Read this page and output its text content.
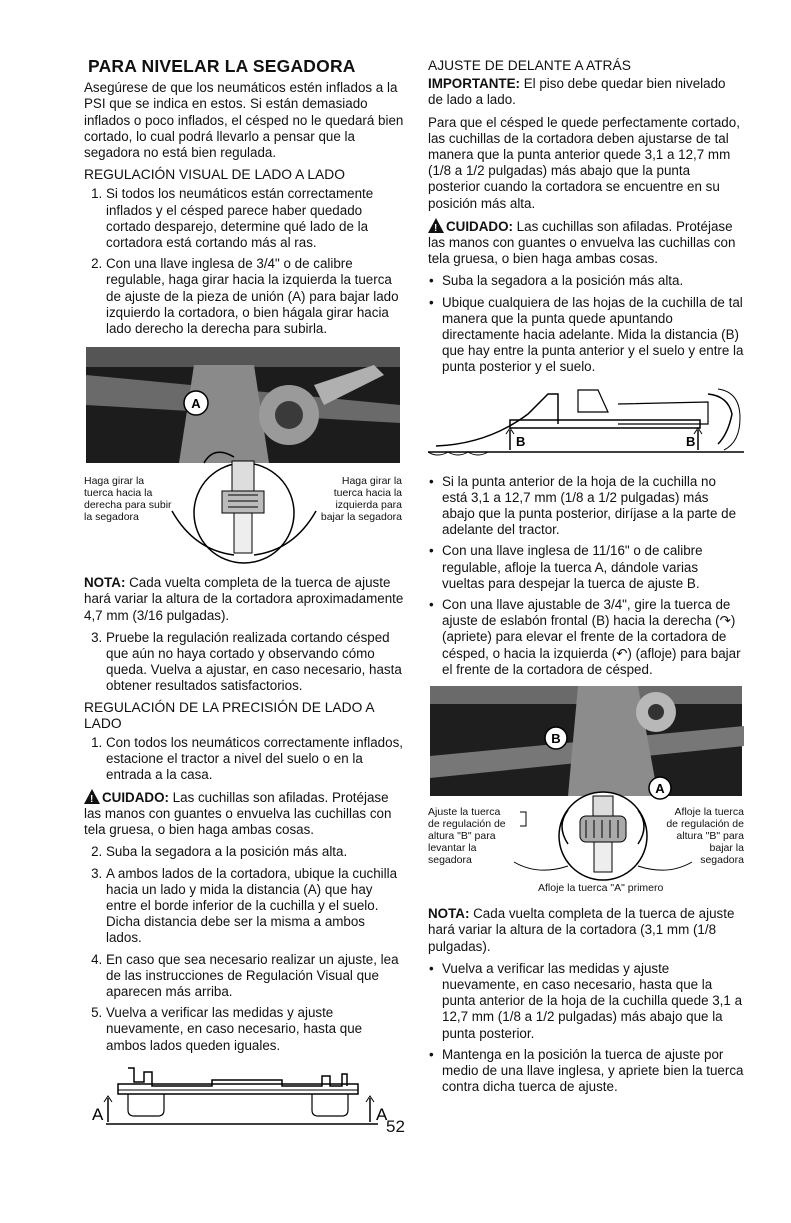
PARA NIVELAR LA SEGADORA

Asegúrese de que los neumáticos estén inflados a la PSI que se indica en estos. Si están demasiado inflados o poco inflados, el césped no le quedará bien cortado, lo cual podrá llevarlo a pensar que la segadora no está bien regulada.

REGULACIÓN VISUAL DE LADO A LADO
1. Si todos los neumáticos están correctamente inflados y el césped parece haber quedado cortado desparejo, determine qué lado de la cortadora está cortando más al ras.
2. Con una llave inglesa de 3/4" o de calibre regulable, haga girar hacia la izquierda la tuerca de ajuste de la pieza de unión (A) para bajar lado izquierdo la cortadora, o bien hágala girar hacia lado derecho la derecha para subirla.
A
Haga girar la tuerca hacia la derecha para subir la segadora
Haga girar la tuerca hacia la izquierda para bajar la segadora

NOTA: Cada vuelta completa de la tuerca de ajuste hará variar la altura de la cortadora aproximadamente 4,7 mm (3/16 pulgadas).

3. Pruebe la regulación realizada cortando césped que aún no haya cortado y observando cómo queda. Vuelva a ajustar, en caso necesario, hasta obtener resultados satisfactorios.
REGULACIÓN DE LA PRECISIÓN DE LADO A LADO
1. Con todos los neumáticos correctamente inflados, estacione el tractor a nivel del suelo o en la entrada a la casa.

! CUIDADO: Las cuchillas son afiladas. Protéjase las manos con guantes o envuelva las cuchillas con tela gruesa, o bien haga ambas cosas.

2. Suba la segadora a la posición más alta.
3. A ambos lados de la cortadora, ubique la cuchilla hacia un lado y mida la distancia (A) que hay entre el borde inferior de la cuchilla y el suelo. Dicha distancia debe ser la misma a ambos lados.
4. En caso que sea necesario realizar un ajuste, lea de las instrucciones de Regulación Visual que aparecen más arriba.
5. Vuelva a verificar las medidas y ajuste nuevamente, en caso necesario, hasta que ambos lados queden iguales.
A	A
AJUSTE DE DELANTE A ATRÁS

IMPORTANTE: El piso debe quedar bien nivelado de lado a lado.

Para que el césped le quede perfectamente cortado, las cuchillas de la cortadora deben ajustarse de tal manera que la punta anterior quede 3,1 a 12,7 mm (1/8 a 1/2 pulgadas) más abajo que la punta posterior cuando la cortadora se encuentre en su posición más alta.

! CUIDADO: Las cuchillas son afiladas. Protéjase las manos con guantes o envuelva las cuchillas con tela gruesa, o bien haga ambas cosas.

• Suba la segadora a la posición más alta.
• Ubique cualquiera de las hojas de la cuchilla de tal manera que la punta quede apuntando directamente hacia adelante. Mida la distancia (B) que hay entre la punta anterior y el suelo y entre la punta posterior y el suelo.
B	B
• Si la punta anterior de la hoja de la cuchilla no está 3,1 a 12,7 mm (1/8 a 1/2 pulgadas) más abajo que la punta posterior, diríjase a la parte de adelante del tractor.
• Con una llave inglesa de 11/16" o de calibre regulable, afloje la tuerca A, dándole varias vueltas para despejar la tuerca de ajuste B.
• Con una llave ajustable de 3/4", gire la tuerca de ajuste de eslabón frontal (B) hacia la derecha (↷) (apriete) para elevar el frente de la cortadora de césped, o hacia la izquierda (↶) (afloje) para bajar el frente de la cortadora de césped.
B
A
Ajuste la tuerca de regulación de altura "B" para levantar la segadora
Afloje la tuerca de regulación de altura "B" para bajar la segadora
Afloje la tuerca "A" primero

NOTA: Cada vuelta completa de la tuerca de ajuste hará variar la altura de la cortadora (3,1 mm (1/8 pulgadas).

• Vuelva a verificar las medidas y ajuste nuevamente, en caso necesario, hasta que la punta anterior de la hoja de la cuchilla quede 3,1 a 12,7 mm (1/8 a 1/2 pulgadas) más abajo que la punta posterior.
• Mantenga en la posición la tuerca de ajuste por medio de una llave inglesa, y apriete bien la tuerca contra dicha tuerca de ajuste.
52
